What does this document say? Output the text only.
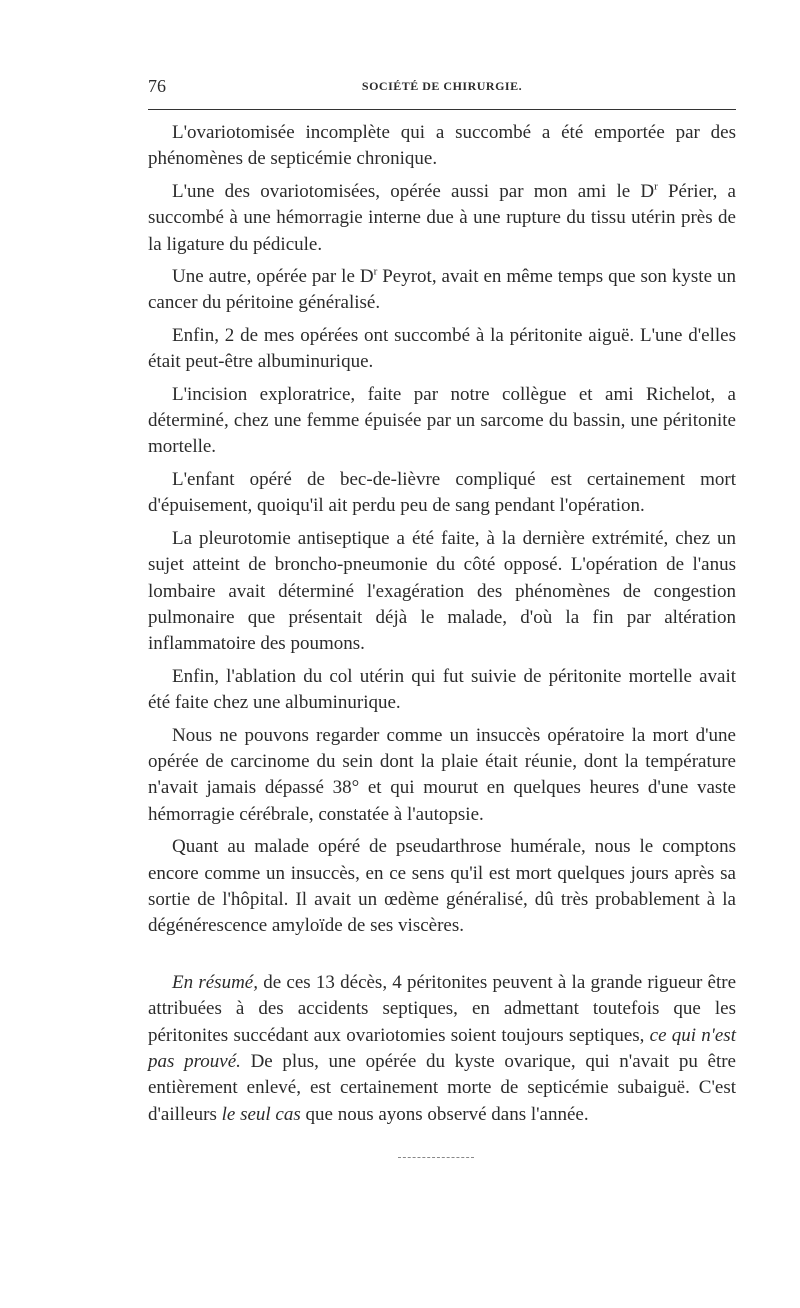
76	SOCIÉTÉ DE CHIRURGIE.

L'ovariotomisée incomplète qui a succombé a été emportée par des phénomènes de septicémie chronique.

L'une des ovariotomisées, opérée aussi par mon ami le $D^r$ Périer, a succombé à une hémorragie interne due à une rupture du tissu utérin près de la ligature du pédicule.

Une autre, opérée par le $D^r$ Peyrot, avait en même temps que son kyste un cancer du péritoine généralisé.

Enfin, 2 de mes opérées ont succombé à la péritonite aiguë. L'une d'elles était peut-être albuminurique.

L'incision exploratrice, faite par notre collègue et ami Richelot, a déterminé, chez une femme épuisée par un sarcome du bassin, une péritonite mortelle.

L'enfant opéré de bec-de-lièvre compliqué est certainement mort d'épuisement, quoiqu'il ait perdu peu de sang pendant l'opération.

La pleurotomie antiseptique a été faite, à la dernière extrémité, chez un sujet atteint de broncho-pneumonie du côté opposé. L'opération de l'anus lombaire avait déterminé l'exagération des phénomènes de congestion pulmonaire que présentait déjà le malade, d'où la fin par altération inflammatoire des poumons.

Enfin, l'ablation du col utérin qui fut suivie de péritonite mortelle avait été faite chez une albuminurique.

Nous ne pouvons regarder comme un insuccès opératoire la mort d'une opérée de carcinome du sein dont la plaie était réunie, dont la température n'avait jamais dépassé 38° et qui mourut en quelques heures d'une vaste hémorragie cérébrale, constatée à l'autopsie.

Quant au malade opéré de pseudarthrose humérale, nous le comptons encore comme un insuccès, en ce sens qu'il est mort quelques jours après sa sortie de l'hôpital. Il avait un œdème généralisé, dû très probablement à la dégénérescence amyloïde de ses viscères.

En résumé, de ces 13 décès, 4 péritonites peuvent à la grande rigueur être attribuées à des accidents septiques, en admettant toutefois que les péritonites succédant aux ovariotomies soient toujours septiques, ce qui n'est pas prouvé. De plus, une opérée du kyste ovarique, qui n'avait pu être entièrement enlevé, est certainement morte de septicémie subaiguë. C'est d'ailleurs le seul cas que nous ayons observé dans l'année.
